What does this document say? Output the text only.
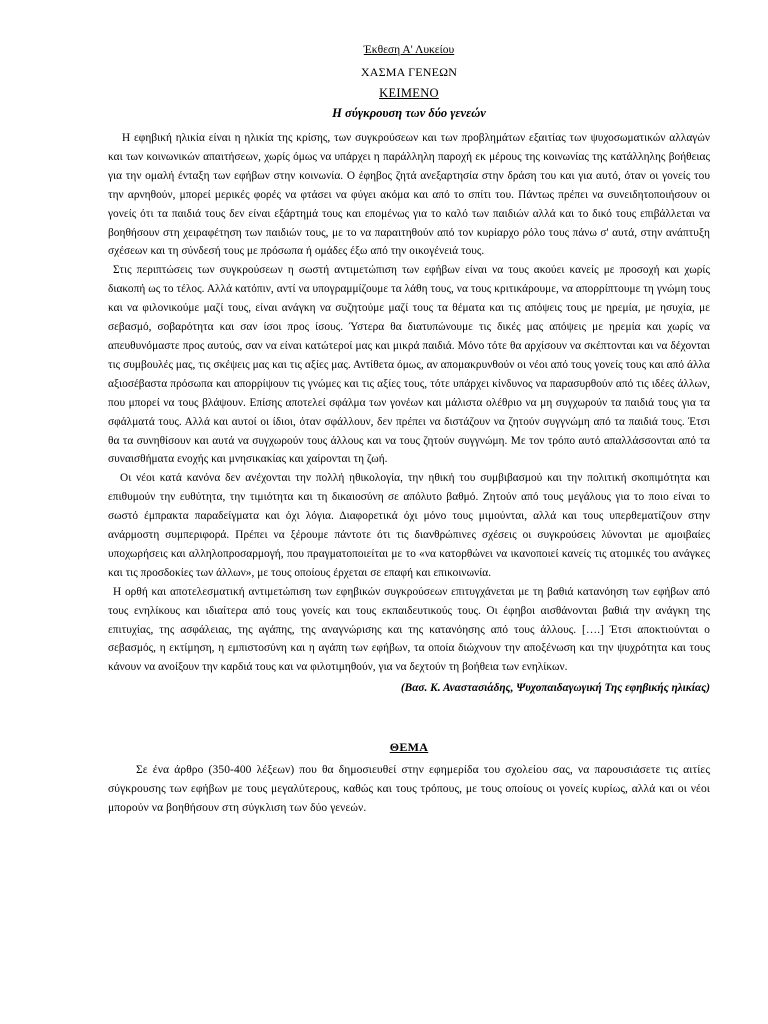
Έκθεση Α' Λυκείου
ΧΑΣΜΑ ΓΕΝΕΩΝ
ΚΕΙΜΕΝΟ
Η σύγκρουση των δύο γενεών

Η εφηβική ηλικία είναι η ηλικία της κρίσης, των συγκρούσεων και των προβλημάτων εξαιτίας των ψυχοσωματικών αλλαγών και των κοινωνικών απαιτήσεων, χωρίς όμως να υπάρχει η παράλληλη παροχή εκ μέρους της κοινωνίας της κατάλληλης βοήθειας για την ομαλή ένταξη των εφήβων στην κοινωνία. Ο έφηβος ζητά ανεξαρτησία στην δράση του και για αυτό, όταν οι γονείς του την αρνηθούν, μπορεί μερικές φορές να φτάσει να φύγει ακόμα και από το σπίτι του. Πάντως πρέπει να συνειδητοποιήσουν οι γονείς ότι τα παιδιά τους δεν είναι εξάρτημά τους και επομένως για το καλό των παιδιών αλλά και το δικό τους επιβάλλεται να βοηθήσουν στη χειραφέτηση των παιδιών τους, με το να παραιτηθούν από τον κυρίαρχο ρόλο τους πάνω σ' αυτά, στην ανάπτυξη σχέσεων και τη σύνδεσή τους με πρόσωπα ή ομάδες έξω από την οικογένειά τους.

Στις περιπτώσεις των συγκρούσεων η σωστή αντιμετώπιση των εφήβων είναι να τους ακούει κανείς με προσοχή και χωρίς διακοπή ως το τέλος. Αλλά κατόπιν, αντί να υπογραμμίζουμε τα λάθη τους, να τους κριτικάρουμε, να απορρίπτουμε τη γνώμη τους και να φιλονικούμε μαζί τους, είναι ανάγκη να συζητούμε μαζί τους τα θέματα και τις απόψεις τους με ηρεμία, με ησυχία, με σεβασμό, σοβαρότητα και σαν ίσοι προς ίσους. Ύστερα θα διατυπώνουμε τις δικές μας απόψεις με ηρεμία και χωρίς να απευθυνόμαστε προς αυτούς, σαν να είναι κατώτεροί μας και μικρά παιδιά. Μόνο τότε θα αρχίσουν να σκέπτονται και να δέχονται τις συμβουλές μας, τις σκέψεις μας και τις αξίες μας. Αντίθετα όμως, αν απομακρυνθούν οι νέοι από τους γονείς τους και από άλλα αξιοσέβαστα πρόσωπα και απορρίψουν τις γνώμες και τις αξίες τους, τότε υπάρχει κίνδυνος να παρασυρθούν από τις ιδέες άλλων, που μπορεί να τους βλάψουν. Επίσης αποτελεί σφάλμα των γονέων και μάλιστα ολέθριο να μη συγχωρούν τα παιδιά τους για τα σφάλματά τους. Αλλά και αυτοί οι ίδιοι, όταν σφάλλουν, δεν πρέπει να διστάζουν να ζητούν συγγνώμη από τα παιδιά τους. Έτσι θα τα συνηθίσουν και αυτά να συγχωρούν τους άλλους και να τους ζητούν συγγνώμη. Με τον τρόπο αυτό απαλλάσσονται από τα συναισθήματα ενοχής και μνησικακίας και χαίρονται τη ζωή.

Οι νέοι κατά κανόνα δεν ανέχονται την πολλή ηθικολογία, την ηθική του συμβιβασμού και την πολιτική σκοπιμότητα και επιθυμούν την ευθύτητα, την τιμιότητα και τη δικαιοσύνη σε απόλυτο βαθμό. Ζητούν από τους μεγάλους για το ποιο είναι το σωστό έμπρακτα παραδείγματα και όχι λόγια. Διαφορετικά όχι μόνο τους μιμούνται, αλλά και τους υπερθεματίζουν στην ανάρμοστη συμπεριφορά. Πρέπει να ξέρουμε πάντοτε ότι τις διανθρώπινες σχέσεις οι συγκρούσεις λύνονται με αμοιβαίες υποχωρήσεις και αλληλοπροσαρμογή, που πραγματοποιείται με το «να κατορθώνει να ικανοποιεί κανείς τις ατομικές του ανάγκες και τις προσδοκίες των άλλων», με τους οποίους έρχεται σε επαφή και επικοινωνία.

Η ορθή και αποτελεσματική αντιμετώπιση των εφηβικών συγκρούσεων επιτυγχάνεται με τη βαθιά κατανόηση των εφήβων από τους ενηλίκους και ιδιαίτερα από τους γονείς και τους εκπαιδευτικούς τους. Οι έφηβοι αισθάνονται βαθιά την ανάγκη της επιτυχίας, της ασφάλειας, της αγάπης, της αναγνώρισης και της κατανόησης από τους άλλους. [….] Έτσι αποκτιούνται ο σεβασμός, η εκτίμηση, η εμπιστοσύνη και η αγάπη των εφήβων, τα οποία διώχνουν την αποξένωση και την ψυχρότητα και τους κάνουν να ανοίξουν την καρδιά τους και να φιλοτιμηθούν, για να δεχτούν τη βοήθεια των ενηλίκων.

(Βασ. Κ. Αναστασιάδης, Ψυχοπαιδαγωγική Της εφηβικής ηλικίας)
ΘΕΜΑ
Σε ένα άρθρο (350-400 λέξεων) που θα δημοσιευθεί στην εφημερίδα του σχολείου σας, να παρουσιάσετε τις αιτίες σύγκρουσης των εφήβων με τους μεγαλύτερους, καθώς και τους τρόπους, με τους οποίους οι γονείς κυρίως, αλλά και οι νέοι μπορούν να βοηθήσουν στη σύγκλιση των δύο γενεών.
